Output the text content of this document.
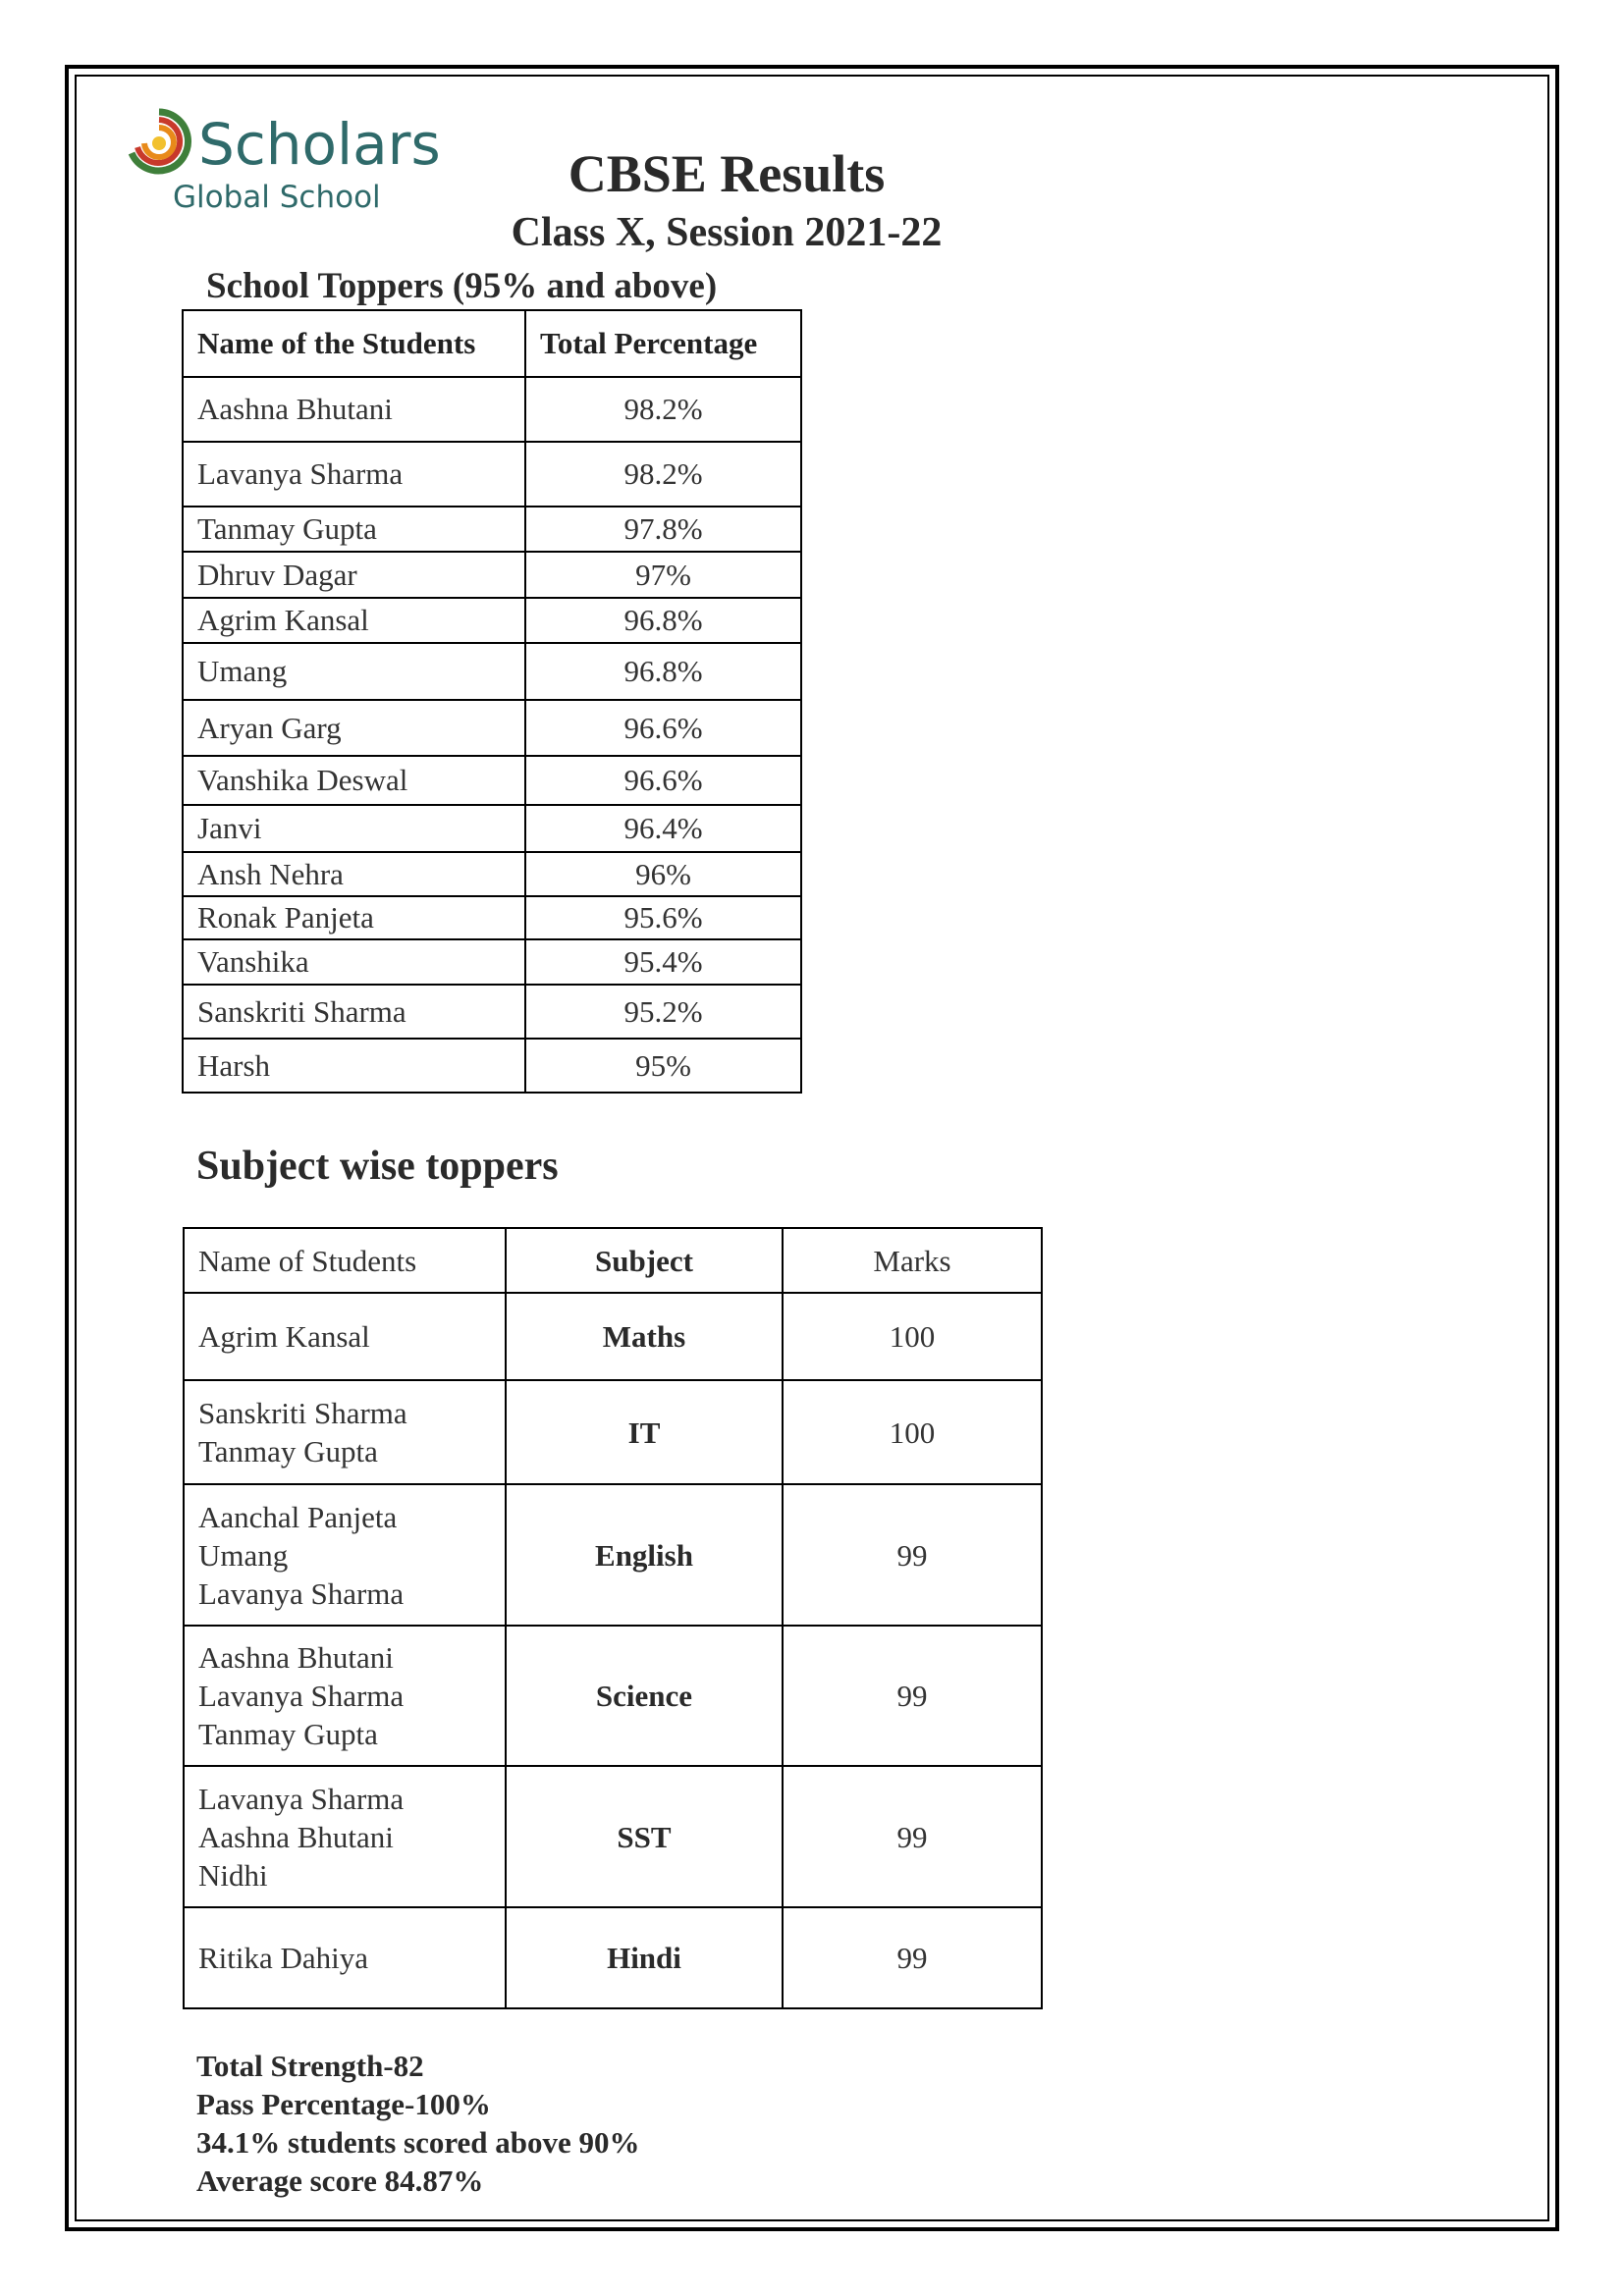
Scholars
Global School	CBSE Results
Class X, Session 2021-22
School Toppers (95% and above)
Name of the Students	Total Percentage
Aashna Bhutani	98.2%
Lavanya Sharma	98.2%
Tanmay Gupta	97.8%
Dhruv Dagar	97%
Agrim Kansal	96.8%
Umang	96.8%
Aryan Garg	96.6%
Vanshika Deswal	96.6%
Janvi	96.4%
Ansh Nehra	96%
Ronak Panjeta	95.6%
Vanshika	95.4%
Sanskriti Sharma	95.2%
Harsh	95%
Subject wise toppers
Name of Students	Subject	Marks

Agrim Kansal	Maths	100

Sanskriti Sharma
Tanmay Gupta	IT	100

Aanchal Panjeta
Umang
Lavanya Sharma	English	99

Aashna Bhutani
Lavanya Sharma
Tanmay Gupta	Science	99

Lavanya Sharma
Aashna Bhutani
Nidhi	SST	99

Ritika Dahiya	Hindi	99
Total Strength-82
Pass Percentage-100%
34.1% students scored above 90%
Average score 84.87%
